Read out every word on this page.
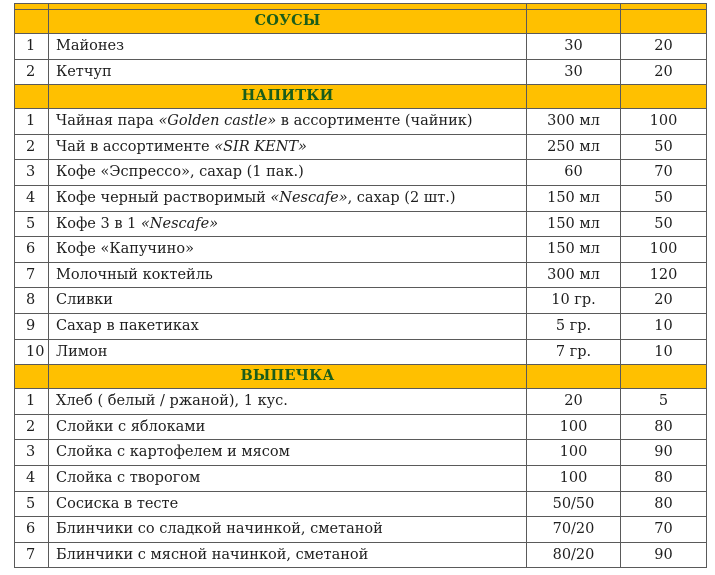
	СОУСЫ		
1	Майонез	30	20
2	Кетчуп	30	20
	НАПИТКИ		
1	Чайная пара «Golden castle» в ассортименте (чайник)	300 мл	100
2	Чай в ассортименте «SIR KENT»	250 мл	50
3	Кофе «Эспрессо», сахар (1 пак.)	60	70
4	Кофе черный растворимый «Nescafe», сахар (2 шт.)	150 мл	50
5	Кофе 3 в 1 «Nescafe»	150 мл	50
6	Кофе «Капучино»	150 мл	100
7	Молочный коктейль	300 мл	120
8	Сливки	10 гр.	20
9	Сахар в пакетиках	5 гр.	10
10	Лимон	7 гр.	10
	ВЫПЕЧКА		
1	Хлеб ( белый / ржаной), 1 кус.	20	5
2	Слойки с яблоками	100	80
3	Слойка с картофелем и мясом	100	90
4	Слойка с творогом	100	80
5	Сосиска в тесте	50/50	80
6	Блинчики со сладкой начинкой, сметаной	70/20	70
7	Блинчики с мясной начинкой, сметаной	80/20	90
